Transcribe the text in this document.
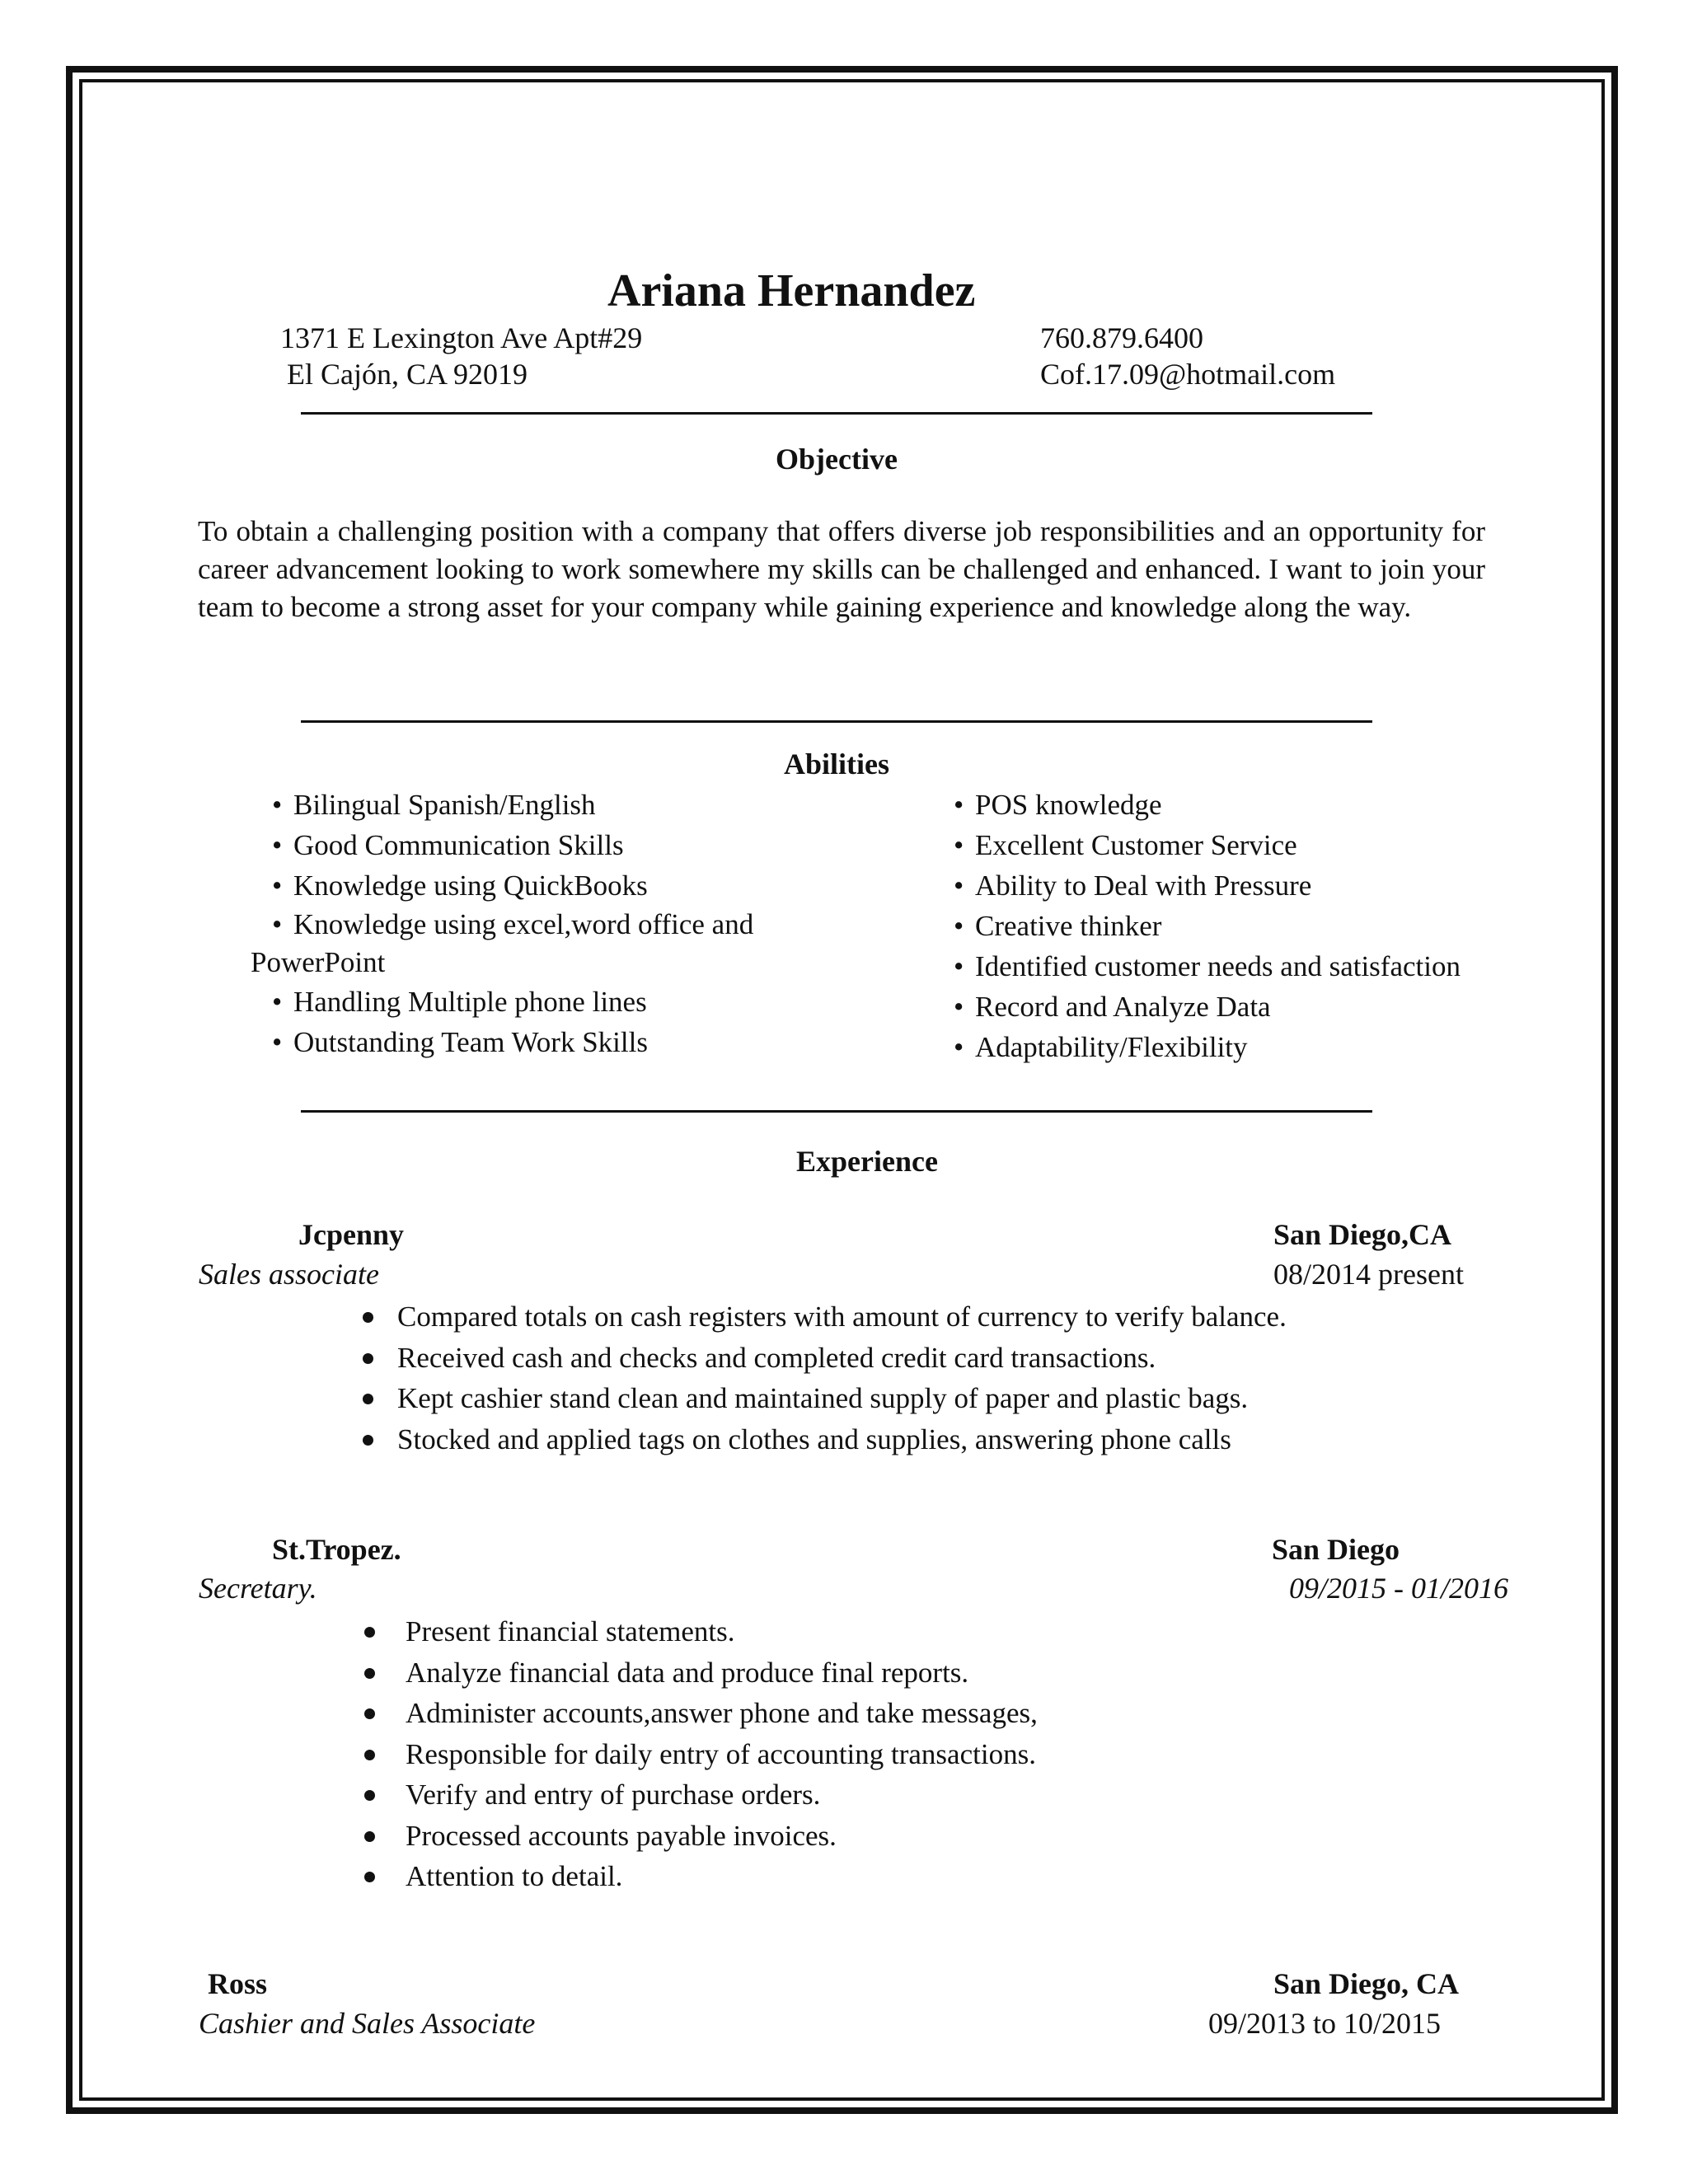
Ariana Hernandez
1371 E Lexington Ave Apt#29
El Cajón, CA 92019
760.879.6400
Cof.17.09@hotmail.com
Objective
To obtain a challenging position with a company that offers diverse job responsibilities and an opportunity for career advancement looking to work somewhere my skills can be challenged and enhanced. I want to join your team to become a strong asset for your company while gaining experience and knowledge along the way.
Abilities
• Bilingual Spanish/English
• Good Communication Skills
• Knowledge using QuickBooks
• Knowledge using excel,word office and
PowerPoint
• Handling Multiple phone lines
• Outstanding Team Work Skills
• POS knowledge
• Excellent Customer Service
• Ability to Deal with Pressure
• Creative thinker
• Identified customer needs and satisfaction
• Record and Analyze Data
• Adaptability/Flexibility
Experience
Jcpenny	San Diego,CA
Sales associate	08/2014 present
Compared totals on cash registers with amount of currency to verify balance.
Received cash and checks and completed credit card transactions.
Kept cashier stand clean and maintained supply of paper and plastic bags.
Stocked and applied tags on clothes and supplies, answering phone calls
St.Tropez.	San Diego
Secretary.	09/2015 - 01/2016
Present financial statements.
Analyze financial data and produce final reports.
Administer accounts,answer phone and take messages,
Responsible for daily entry of accounting transactions.
Verify and entry of purchase orders.
Processed accounts payable invoices.
Attention to detail.
Ross	San Diego, CA
Cashier and Sales Associate	09/2013 to 10/2015
